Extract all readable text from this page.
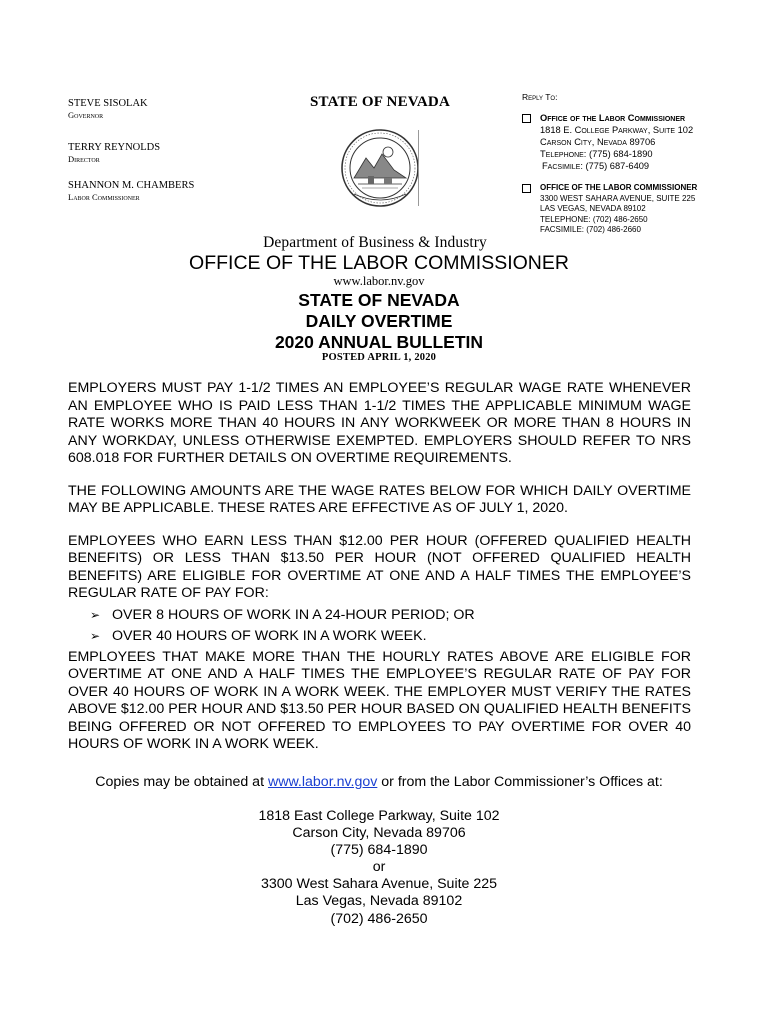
STEVE SISOLAK
Governor
TERRY REYNOLDS
Director
SHANNON M. CHAMBERS
Labor Commissioner
STATE OF NEVADA	Reply To:
Office of the Labor Commissioner
1818 E. College Parkway, Suite 102
Carson City, Nevada 89706
Telephone: (775) 684-1890
Facsimile: (775) 687-6409
OFFICE OF THE LABOR COMMISSIONER
3300 WEST SAHARA AVENUE, SUITE 225
LAS VEGAS, NEVADA 89102
TELEPHONE: (702) 486-2650
FACSIMILE: (702) 486-2660
Department of Business & Industry
OFFICE OF THE LABOR COMMISSIONER
www.labor.nv.gov
STATE OF NEVADA
DAILY OVERTIME
2020 ANNUAL BULLETIN
POSTED APRIL 1, 2020

EMPLOYERS MUST PAY 1-1/2 TIMES AN EMPLOYEE’S REGULAR WAGE RATE WHENEVER AN EMPLOYEE WHO IS PAID LESS THAN 1-1/2 TIMES THE APPLICABLE MINIMUM WAGE RATE WORKS MORE THAN 40 HOURS IN ANY WORKWEEK OR MORE THAN 8 HOURS IN ANY WORKDAY, UNLESS OTHERWISE EXEMPTED. EMPLOYERS SHOULD REFER TO NRS 608.018 FOR FURTHER DETAILS ON OVERTIME REQUIREMENTS.

THE FOLLOWING AMOUNTS ARE THE WAGE RATES BELOW FOR WHICH DAILY OVERTIME MAY BE APPLICABLE. THESE RATES ARE EFFECTIVE AS OF JULY 1, 2020.

EMPLOYEES WHO EARN LESS THAN $12.00 PER HOUR (OFFERED QUALIFIED HEALTH BENEFITS) OR LESS THAN $13.50 PER HOUR (NOT OFFERED QUALIFIED HEALTH BENEFITS) ARE ELIGIBLE FOR OVERTIME AT ONE AND A HALF TIMES THE EMPLOYEE’S REGULAR RATE OF PAY FOR:

➢ OVER 8 HOURS OF WORK IN A 24-HOUR PERIOD; OR
➢ OVER 40 HOURS OF WORK IN A WORK WEEK.

EMPLOYEES THAT MAKE MORE THAN THE HOURLY RATES ABOVE ARE ELIGIBLE FOR OVERTIME AT ONE AND A HALF TIMES THE EMPLOYEE’S REGULAR RATE OF PAY FOR OVER 40 HOURS OF WORK IN A WORK WEEK. THE EMPLOYER MUST VERIFY THE RATES ABOVE $12.00 PER HOUR AND $13.50 PER HOUR BASED ON QUALIFIED HEALTH BENEFITS BEING OFFERED OR NOT OFFERED TO EMPLOYEES TO PAY OVERTIME FOR OVER 40 HOURS OF WORK IN A WORK WEEK.

Copies may be obtained at www.labor.nv.gov or from the Labor Commissioner’s Offices at:
1818 East College Parkway, Suite 102
Carson City, Nevada 89706
(775) 684-1890
or
3300 West Sahara Avenue, Suite 225
Las Vegas, Nevada 89102
(702) 486-2650
